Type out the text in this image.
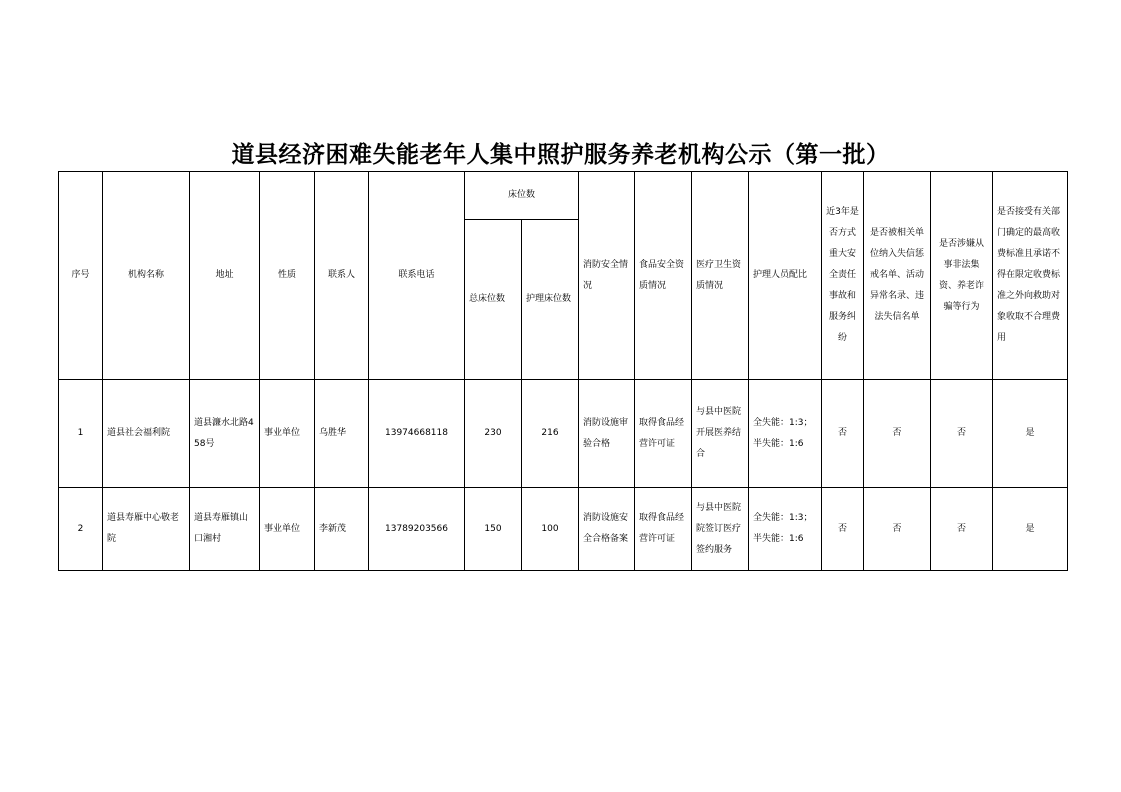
道县经济困难失能老年人集中照护服务养老机构公示（第一批）
序号	机构名称	地址	性质	联系人	联系电话	床位数		消防安全情况	食品安全资质情况	医疗卫生资质情况	护理人员配比	近3年是否方式重大安全责任事故和服务纠纷	是否被相关单位纳入失信惩戒名单、活动异常名录、违法失信名单	是否涉嫌从事非法集资、养老诈骗等行为	是否接受有关部门确定的最高收费标准且承诺不得在限定收费标准之外向救助对象收取不合理费用
						总床位数	护理床位数								
1	道县社会福利院	道县濂水北路458号	事业单位	乌胜华	13974668118	230	216	消防设施审验合格	取得食品经营许可证	与县中医院开展医养结合	全失能：1:3；半失能：1:6	否	否	否	是
2	道县寿雁中心敬老院	道县寿雁镇山口湘村	事业单位	李新茂	13789203566	150	100	消防设施安全合格备案	取得食品经营许可证	与县中医院院签订医疗签约服务	全失能：1:3；半失能：1:6	否	否	否	是
